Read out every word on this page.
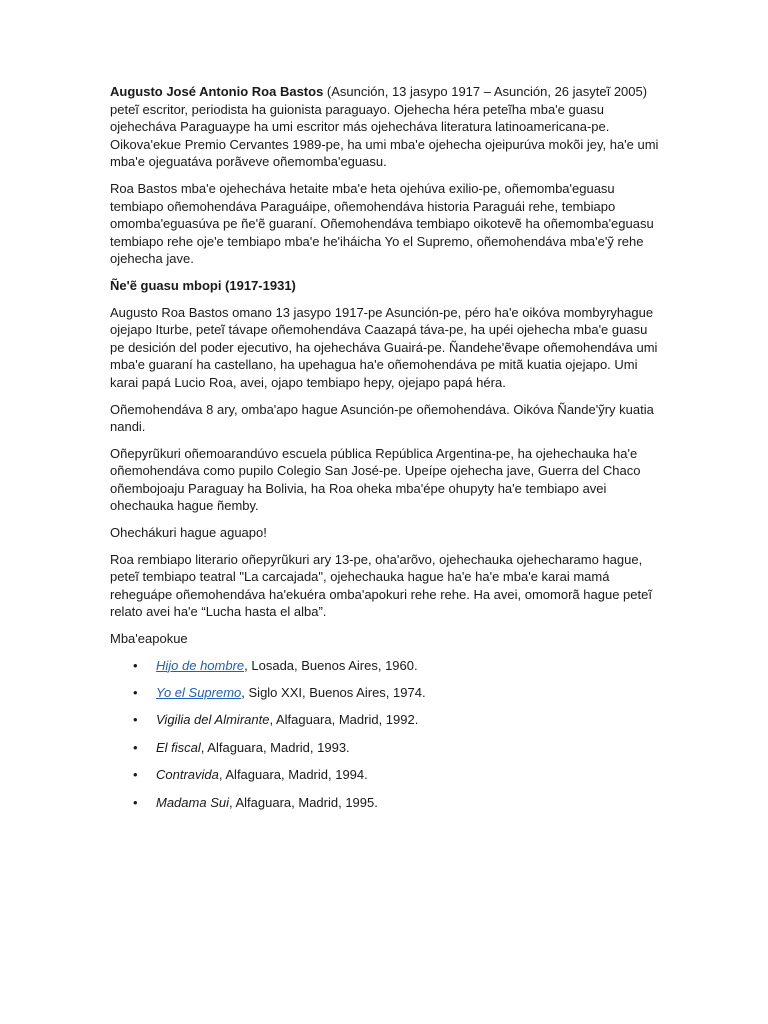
Augusto José Antonio Roa Bastos (Asunción, 13 jasypo 1917 – Asunción, 26 jasyteĩ 2005) peteĩ escritor, periodista ha guionista paraguayo. Ojehecha héra peteĩha mba'e guasu ojehecháva Paraguaype ha umi escritor más ojehecháva literatura latinoamericana-pe. Oikova'ekue Premio Cervantes 1989-pe, ha umi mba'e ojehecha ojeipurúva mokõi jey, ha'e umi mba'e ojeguatáva porãveve oñemomba'eguasu.

Roa Bastos mba'e ojehecháva hetaite mba'e heta ojehúva exilio-pe, oñemomba'eguasu tembiapo oñemohendáva Paraguáipe, oñemohendáva historia Paraguái rehe, tembiapo omomba'eguasúva pe ñe'ẽ guaraní. Oñemohendáva tembiapo oikotevẽ ha oñemomba'eguasu tembiapo rehe oje'e tembiapo mba'e he'iháicha Yo el Supremo, oñemohendáva mba'e'ỹ rehe ojehecha jave.

Ñe'ẽ guasu mbopi (1917-1931)

Augusto Roa Bastos omano 13 jasypo 1917-pe Asunción-pe, péro ha'e oikóva mombyryhague ojejapo Iturbe, peteĩ távape oñemohendáva Caazapá táva-pe, ha upéi ojehecha mba'e guasu pe desición del poder ejecutivo, ha ojehecháva Guairá-pe. Ñandehe'ẽvape oñemohendáva umi mba'e guaraní ha castellano, ha upehagua ha'e oñemohendáva pe mitã kuatia ojejapo. Umi karai papá Lucio Roa, avei, ojapo tembiapo hepy, ojejapo papá héra.

Oñemohendáva 8 ary, omba'apo hague Asunción-pe oñemohendáva. Oikóva Ñande'ỹry kuatia nandi.

Oñepyrũkuri oñemoarandúvo escuela pública República Argentina-pe, ha ojehechauka ha'e oñemohendáva como pupilo Colegio San José-pe. Upeípe ojehecha jave, Guerra del Chaco oñembojoaju Paraguay ha Bolivia, ha Roa oheka mba'épe ohupyty ha'e tembiapo avei ohechauka hague ñemby.

Ohechákuri hague aguapo!

Roa rembiapo literario oñepyrũkuri ary 13-pe, oha'arõvo, ojehechauka ojehecharamo hague, peteĩ tembiapo teatral "La carcajada", ojehechauka hague ha'e ha'e mba'e karai mamá reheguápe oñemohendáva ha'ekuéra omba'apokuri rehe rehe. Ha avei, omomorã hague peteĩ relato avei ha'e “Lucha hasta el alba”.

Mba'eapokue

• Hijo de hombre, Losada, Buenos Aires, 1960.
• Yo el Supremo, Siglo XXI, Buenos Aires, 1974.
• Vigilia del Almirante, Alfaguara, Madrid, 1992.
• El fiscal, Alfaguara, Madrid, 1993.
• Contravida, Alfaguara, Madrid, 1994.
• Madama Sui, Alfaguara, Madrid, 1995.
